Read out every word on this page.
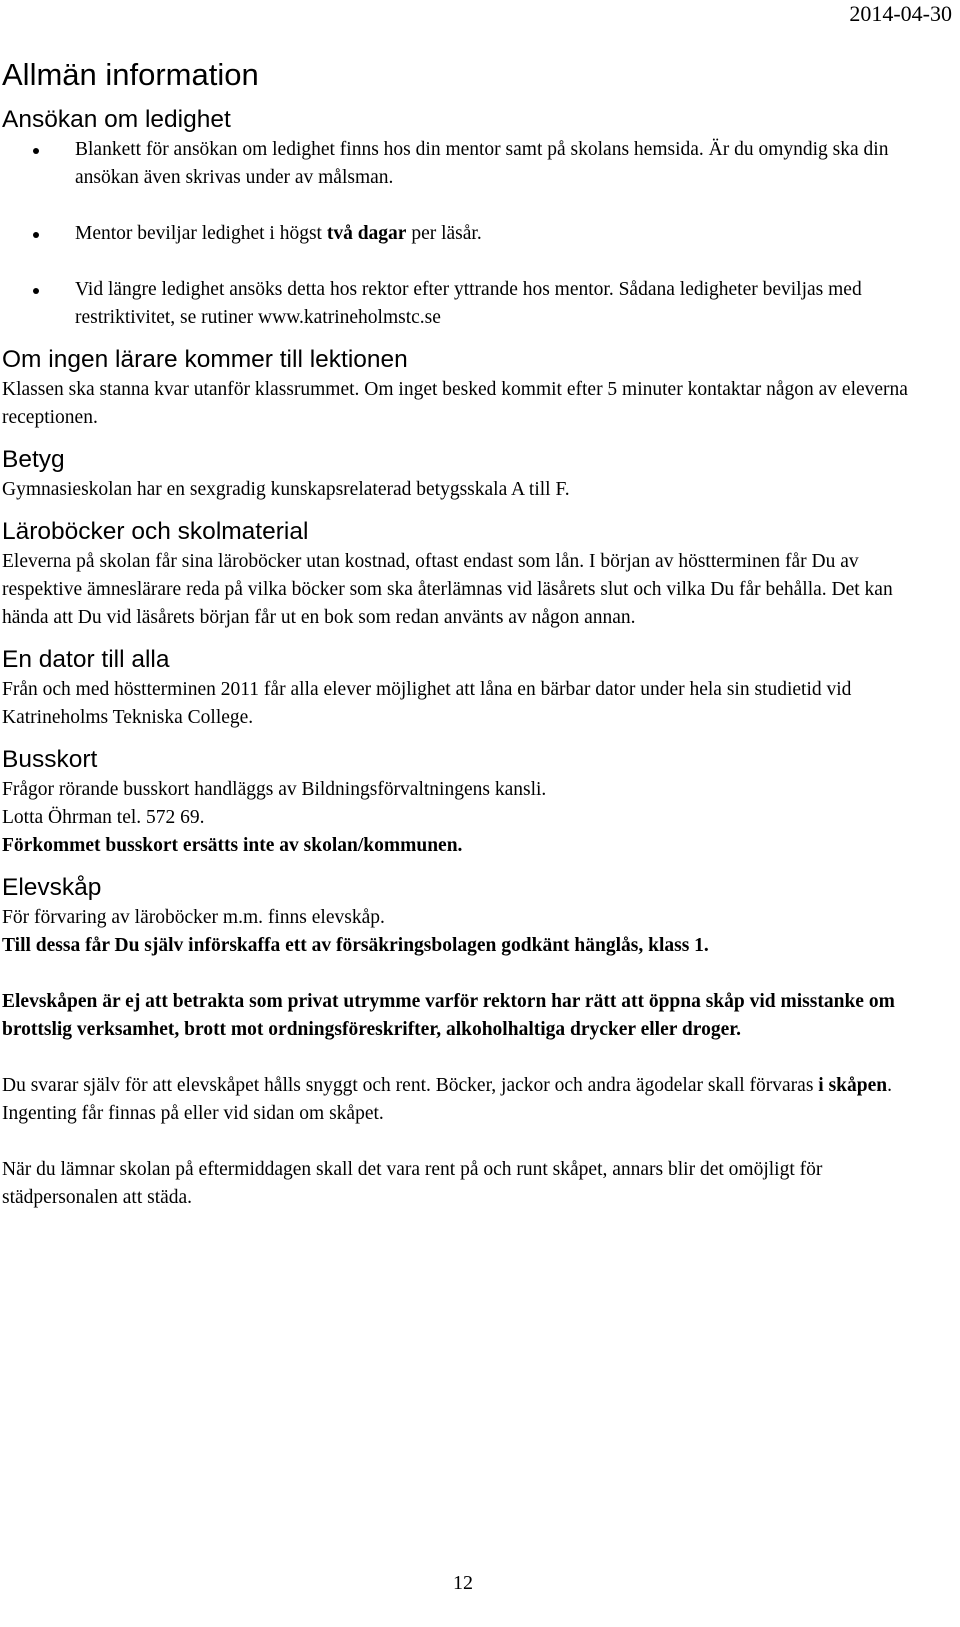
2014-04-30
Allmän information
Ansökan om ledighet
Blankett för ansökan om ledighet finns hos din mentor samt på skolans hemsida. Är du omyndig ska din ansökan även skrivas under av målsman.
Mentor beviljar ledighet i högst två dagar per läsår.
Vid längre ledighet ansöks detta hos rektor efter yttrande hos mentor. Sådana ledigheter beviljas med restriktivitet, se rutiner www.katrineholmstc.se
Om ingen lärare kommer till lektionen
Klassen ska stanna kvar utanför klassrummet. Om inget besked kommit efter 5 minuter kontaktar någon av eleverna receptionen.
Betyg
Gymnasieskolan har en sexgradig kunskapsrelaterad betygsskala A till F.
Läroböcker och skolmaterial
Eleverna på skolan får sina läroböcker utan kostnad, oftast endast som lån. I början av höstterminen får Du av respektive ämneslärare reda på vilka böcker som ska återlämnas vid läsårets slut och vilka Du får behålla. Det kan hända att Du vid läsårets början får ut en bok som redan använts av någon annan.
En dator till alla
Från och med höstterminen 2011 får alla elever möjlighet att låna en bärbar dator under hela sin studietid vid Katrineholms Tekniska College.
Busskort
Frågor rörande busskort handläggs av Bildningsförvaltningens kansli.
Lotta Öhrman tel. 572 69.
Förkommet busskort ersätts inte av skolan/kommunen.
Elevskåp
För förvaring av läroböcker m.m. finns elevskåp.
Till dessa får Du själv införskaffa ett av försäkringsbolagen godkänt hänglås, klass 1.
Elevskåpen är ej att betrakta som privat utrymme varför rektorn har rätt att öppna skåp vid misstanke om brottslig verksamhet, brott mot ordningsföreskrifter, alkoholhaltiga drycker eller droger.
Du svarar själv för att elevskåpet hålls snyggt och rent. Böcker, jackor och andra ägodelar skall förvaras i skåpen. Ingenting får finnas på eller vid sidan om skåpet.
När du lämnar skolan på eftermiddagen skall det vara rent på och runt skåpet, annars blir det omöjligt för städpersonalen att städa.
12
